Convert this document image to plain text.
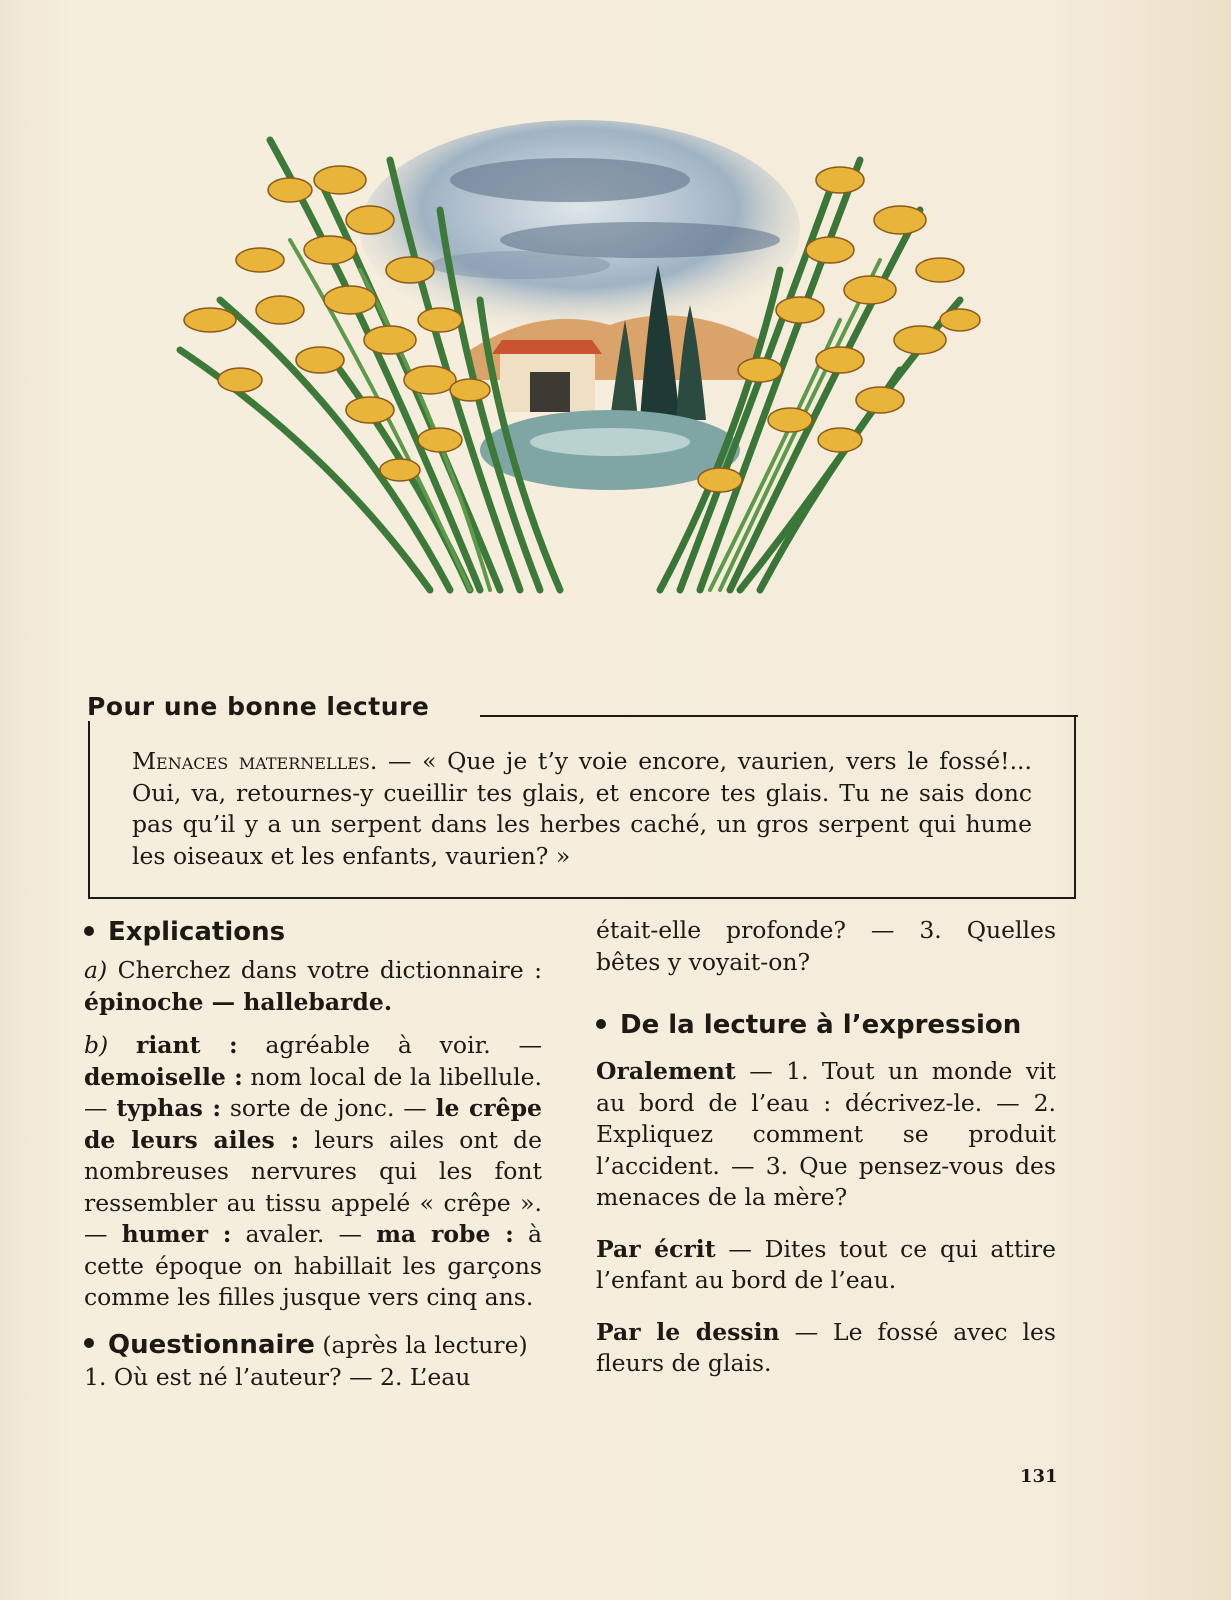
Pour une bonne lecture
Menaces maternelles. — « Que je t’y voie encore, vaurien, vers le fossé!... Oui, va, retournes-y cueillir tes glais, et encore tes glais. Tu ne sais donc pas qu’il y a un serpent dans les herbes caché, un gros serpent qui hume les oiseaux et les enfants, vaurien? »
Explications

a) Cherchez dans votre dictionnaire : épinoche — hallebarde.

b) riant : agréable à voir. — demoiselle : nom local de la libellule. — typhas : sorte de jonc. — le crêpe de leurs ailes : leurs ailes ont de nombreuses nervures qui les font ressembler au tissu appelé « crêpe ». — humer : avaler. — ma robe : à cette époque on habillait les garçons comme les filles jusque vers cinq ans.

Questionnaire (après la lecture)

1. Où est né l’auteur? — 2. L’eau

était-elle profonde? — 3. Quelles bêtes y voyait-on?

De la lecture à l’expression

Oralement — 1. Tout un monde vit au bord de l’eau : décrivez-le. — 2. Expliquez comment se produit l’accident. — 3. Que pensez-vous des menaces de la mère?

Par écrit — Dites tout ce qui attire l’enfant au bord de l’eau.

Par le dessin — Le fossé avec les fleurs de glais.

131
